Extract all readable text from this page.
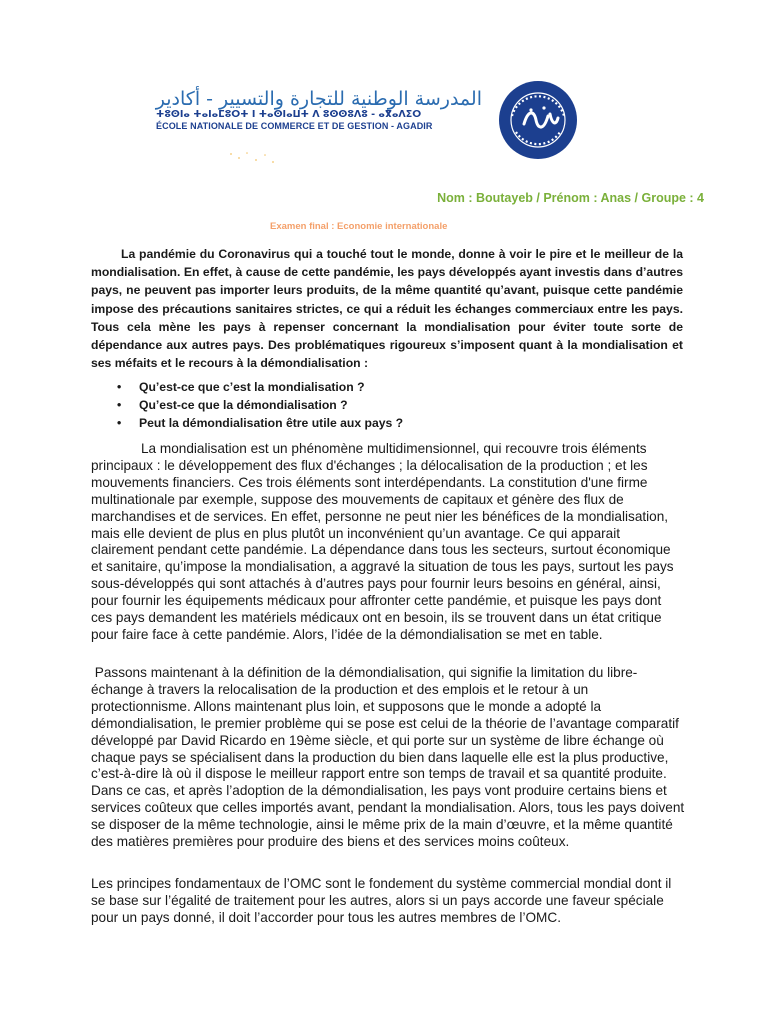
المدرسة الوطنية للتجارة والتسيير - أكادير
ⵜⵓⵙⵏⴰ ⵜⴰⵏⴰⵎⵓⵔⵜ ⵏ ⵜⴰⵙⵏⴰⵡⵜ ⴷ ⵓⵙⵙⵓⴷⵓ - ⴰⴳⴰⴷⵉⵔ
ÉCOLE NATIONALE DE COMMERCE ET DE GESTION - AGADIR
Nom : Boutayeb / Prénom : Anas / Groupe : 4
Examen final : Economie internationale

La pandémie du Coronavirus qui a touché tout le monde, donne à voir le pire et le meilleur de la mondialisation. En effet, à cause de cette pandémie, les pays développés ayant investis dans d’autres pays, ne peuvent pas importer leurs produits, de la même quantité qu’avant, puisque cette pandémie impose des précautions sanitaires strictes, ce qui a réduit les échanges commerciaux entre les pays. Tous cela mène les pays à repenser concernant la mondialisation pour éviter toute sorte de dépendance aux autres pays. Des problématiques rigoureux s’imposent quant à la mondialisation et ses méfaits et le recours à la démondialisation :

• Qu’est-ce que c’est la mondialisation ?
• Qu’est-ce que la démondialisation ?
• Peut la démondialisation être utile aux pays ?

La mondialisation est un phénomène multidimensionnel, qui recouvre trois éléments principaux : le développement des flux d'échanges ; la délocalisation de la production ; et les mouvements financiers. Ces trois éléments sont interdépendants. La constitution d'une firme multinationale par exemple, suppose des mouvements de capitaux et génère des flux de marchandises et de services. En effet, personne ne peut nier les bénéfices de la mondialisation, mais elle devient de plus en plus plutôt un inconvénient qu’un avantage. Ce qui apparait clairement pendant cette pandémie. La dépendance dans tous les secteurs, surtout économique et sanitaire, qu’impose la mondialisation, a aggravé la situation de tous les pays, surtout les pays sous-développés qui sont attachés à d’autres pays pour fournir leurs besoins en général, ainsi, pour fournir les équipements médicaux pour affronter cette pandémie, et puisque les pays dont ces pays demandent les matériels médicaux ont en besoin, ils se trouvent dans un état critique pour faire face à cette pandémie. Alors, l’idée de la démondialisation se met en table.

Passons maintenant à la définition de la démondialisation, qui signifie la limitation du libre-échange à travers la relocalisation de la production et des emplois et le retour à un protectionnisme. Allons maintenant plus loin, et supposons que le monde a adopté la démondialisation, le premier problème qui se pose est celui de la théorie de l’avantage comparatif développé par David Ricardo en 19ème siècle, et qui porte sur un système de libre échange où chaque pays se spécialisent dans la production du bien dans laquelle elle est la plus productive, c’est-à-dire là où il dispose le meilleur rapport entre son temps de travail et sa quantité produite. Dans ce cas, et après l’adoption de la démondialisation, les pays vont produire certains biens et services coûteux que celles importés avant, pendant la mondialisation. Alors, tous les pays doivent se disposer de la même technologie, ainsi le même prix de la main d’œuvre, et la même quantité des matières premières pour produire des biens et des services moins coûteux.

Les principes fondamentaux de l’OMC sont le fondement du système commercial mondial dont il se base sur l’égalité de traitement pour les autres, alors si un pays accorde une faveur spéciale pour un pays donné, il doit l’accorder pour tous les autres membres de l’OMC.
